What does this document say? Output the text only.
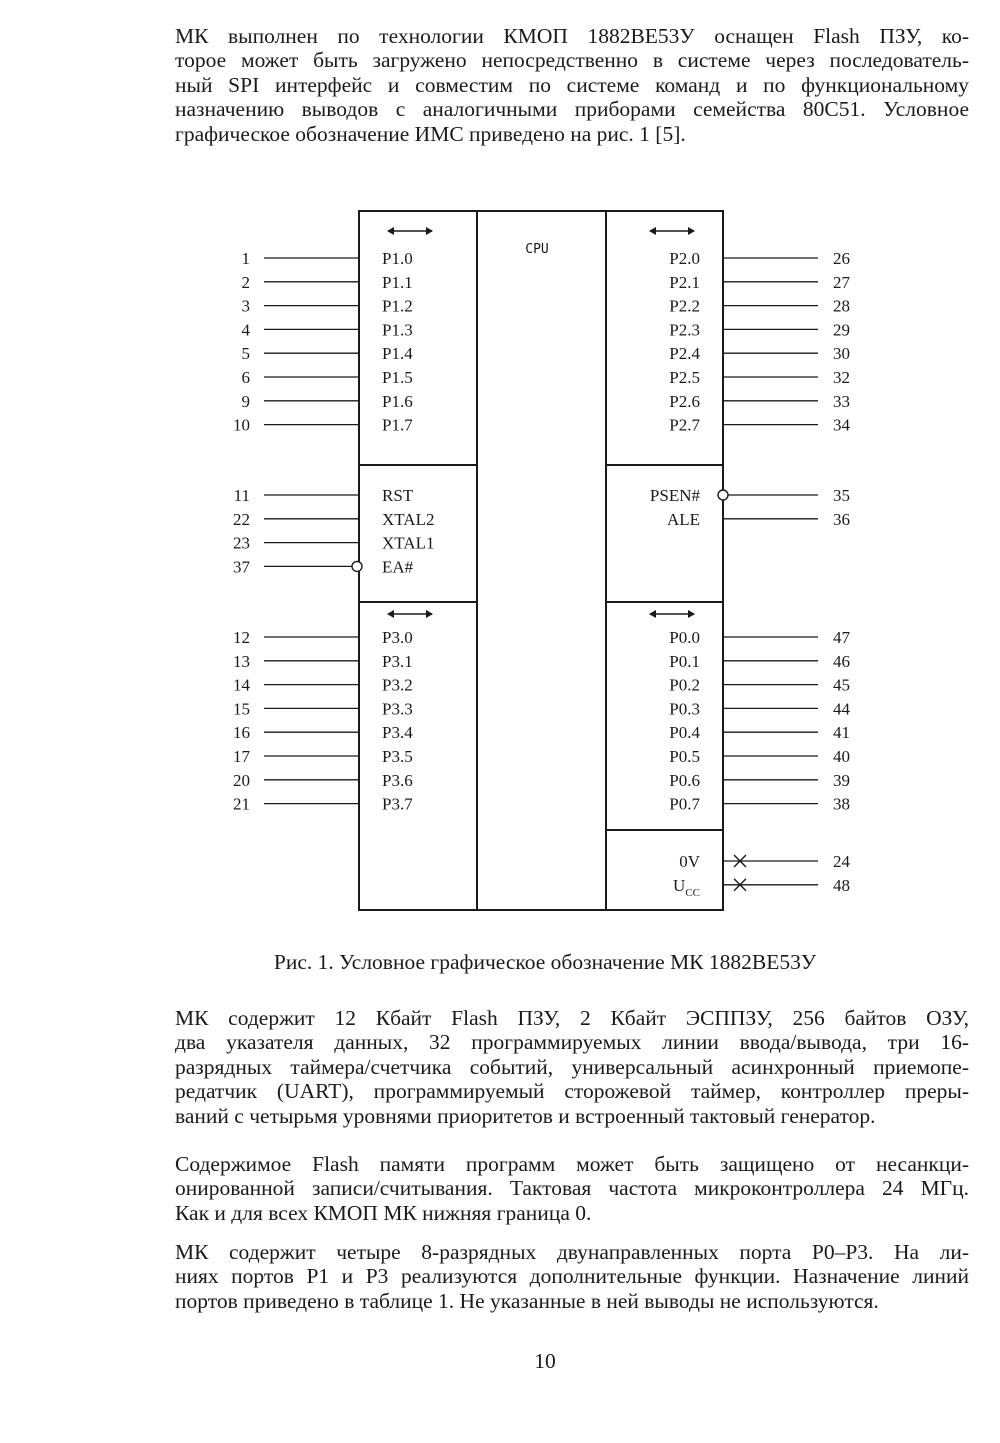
МК выполнен по технологии КМОП 1882ВЕ53У оснащен Flash ПЗУ, ко-
торое может быть загружено непосредственно в системе через последователь-
ный SPI интерфейс и совместим по системе команд и по функциональному
назначению выводов с аналогичными приборами семейства 80С51. Условное
графическое обозначение ИМС приведено на рис. 1 [5].
CPU
1	P1.0
2	P1.1
3	P1.2
4	P1.3
5	P1.4
6	P1.5
9	P1.6
10	P1.7
11	RST
22	XTAL2
23	XTAL1
37	EA#
12	P3.0
13	P3.1
14	P3.2
15	P3.3
16	P3.4
17	P3.5
20	P3.6
21	P3.7
26
P2.0
27
P2.1
28
P2.2
29
P2.3
30
P2.4
32
P2.5
33
P2.6
34
P2.7
35
PSEN#
36
ALE
47
P0.0
46
P0.1
45
P0.2
44
P0.3
41
P0.4
40
P0.5
39
P0.6
38
P0.7
24
0V
48
$U_{CC}$
Рис. 1. Условное графическое обозначение МК 1882ВЕ53У
МК содержит 12 Кбайт Flash ПЗУ, 2 Кбайт ЭСППЗУ, 256 байтов ОЗУ,
два указателя данных, 32 программируемых линии ввода/вывода, три 16-
разрядных таймера/счетчика событий, универсальный асинхронный приемопе-
редатчик (UART), программируемый сторожевой таймер, контроллер преры-
ваний с четырьмя уровнями приоритетов и встроенный тактовый генератор.
Содержимое Flash памяти программ может быть защищено от несанкци-
онированной записи/считывания. Тактовая частота микроконтроллера 24 МГц.
Как и для всех КМОП МК нижняя граница 0.
МК содержит четыре 8-разрядных двунаправленных порта Р0–Р3. На ли-
ниях портов Р1 и Р3 реализуются дополнительные функции. Назначение линий
портов приведено в таблице 1. Не указанные в ней выводы не используются.
10
